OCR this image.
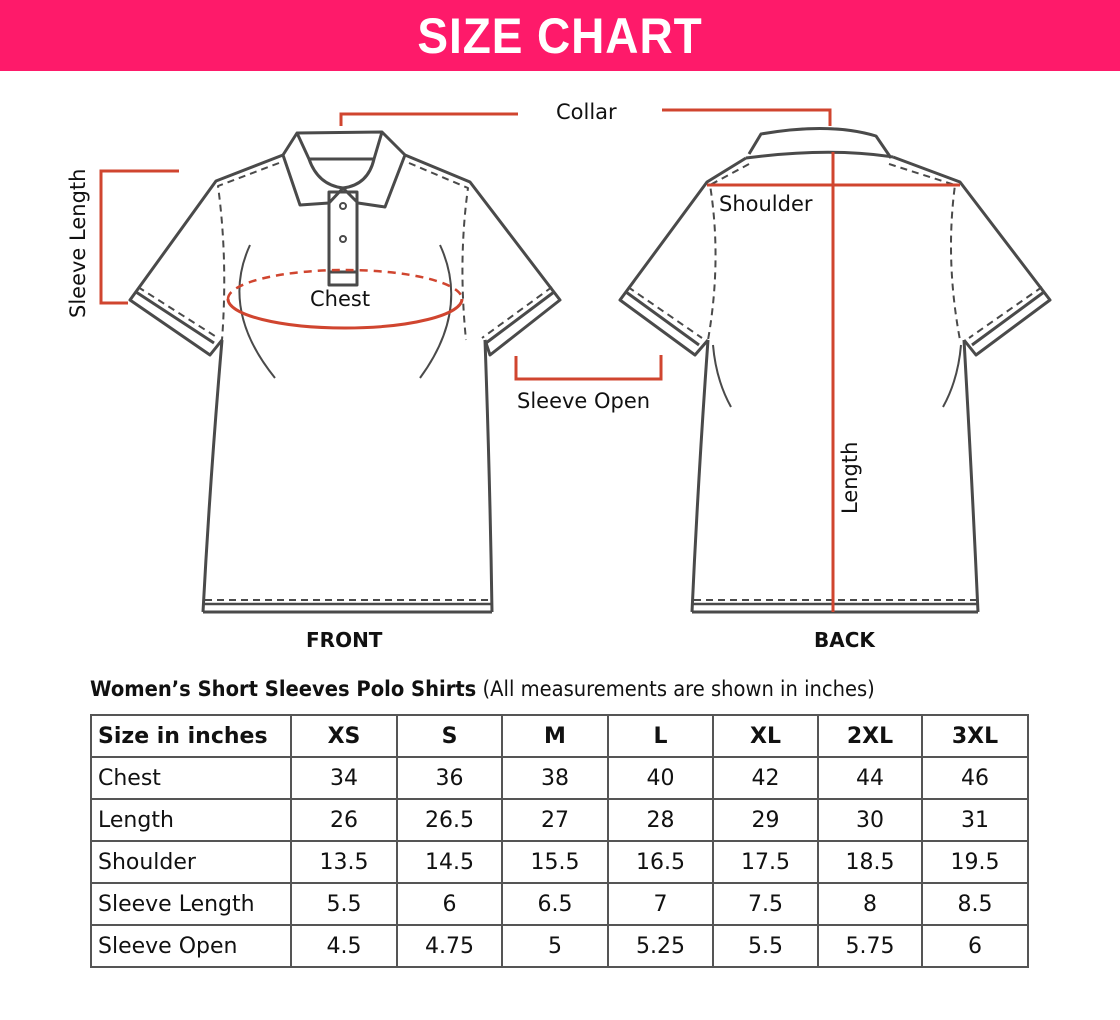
SIZE CHART
Collar
Sleeve Length	Chest
Shoulder
Sleeve Open
Length
FRONT	BACK
Women’s Short Sleeves Polo Shirts (All measurements are shown in inches)
Size in inches	XS	S	M	L	XL	2XL	3XL
Chest	34	36	38	40	42	44	46
Length	26	26.5	27	28	29	30	31
Shoulder	13.5	14.5	15.5	16.5	17.5	18.5	19.5
Sleeve Length	5.5	6	6.5	7	7.5	8	8.5
Sleeve Open	4.5	4.75	5	5.25	5.5	5.75	6
